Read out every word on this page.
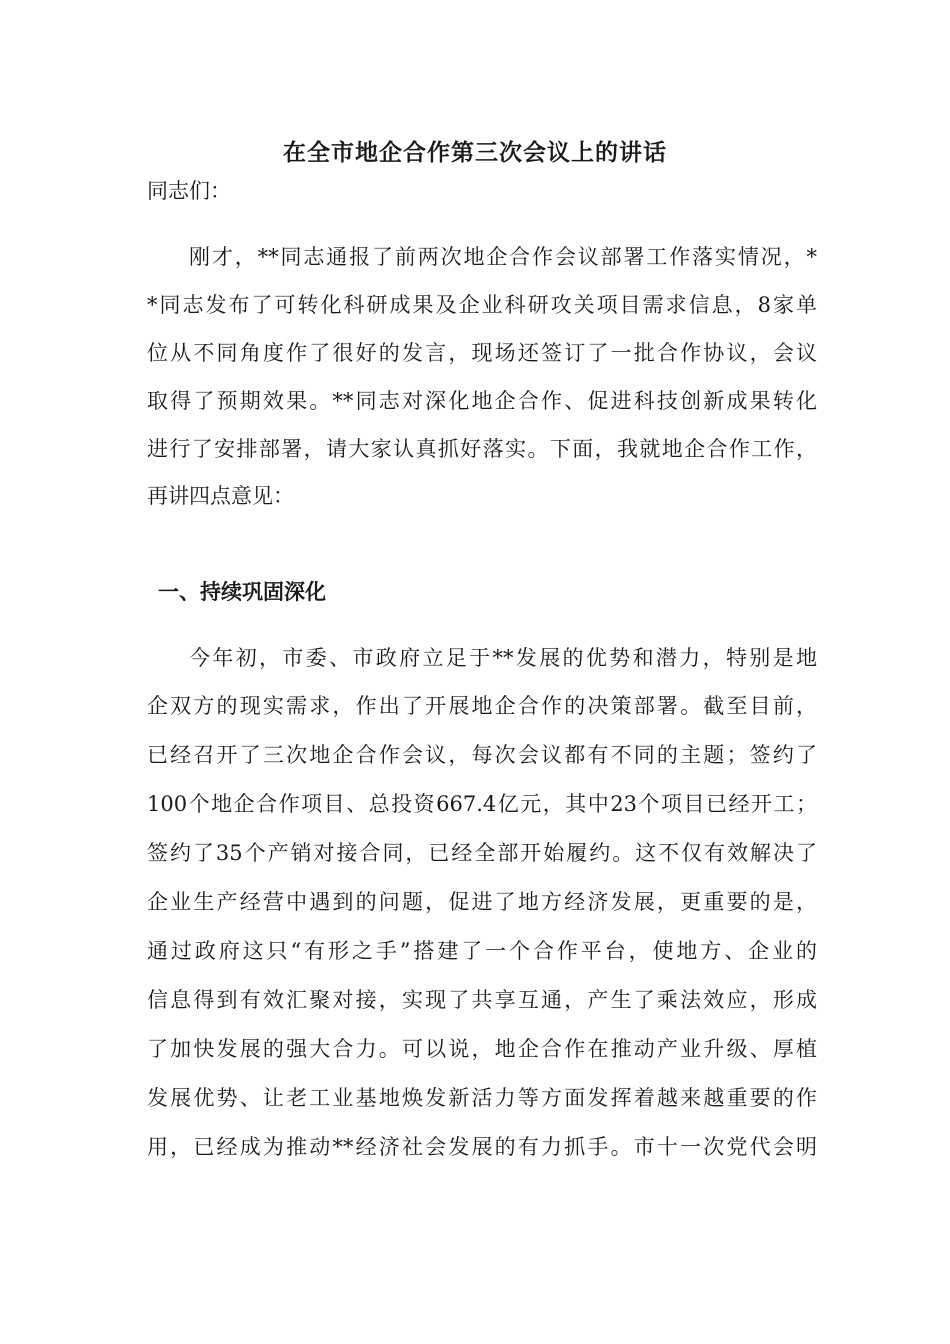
在全市地企合作第三次会议上的讲话
同志们：
刚才，**同志通报了前两次地企合作会议部署工作落实情况，*
*同志发布了可转化科研成果及企业科研攻关项目需求信息，8家单
位从不同角度作了很好的发言，现场还签订了一批合作协议，会议
取得了预期效果。**同志对深化地企合作、促进科技创新成果转化
进行了安排部署，请大家认真抓好落实。下面，我就地企合作工作，
再讲四点意见：
一、持续巩固深化
今年初，市委、市政府立足于**发展的优势和潜力，特别是地
企双方的现实需求，作出了开展地企合作的决策部署。截至目前，
已经召开了三次地企合作会议，每次会议都有不同的主题；签约了
100个地企合作项目、总投资667.4亿元，其中23个项目已经开工；
签约了35个产销对接合同，已经全部开始履约。这不仅有效解决了
企业生产经营中遇到的问题，促进了地方经济发展，更重要的是，
通过政府这只“有形之手”搭建了一个合作平台，使地方、企业的
信息得到有效汇聚对接，实现了共享互通，产生了乘法效应，形成
了加快发展的强大合力。可以说，地企合作在推动产业升级、厚植
发展优势、让老工业基地焕发新活力等方面发挥着越来越重要的作
用，已经成为推动**经济社会发展的有力抓手。市十一次党代会明
